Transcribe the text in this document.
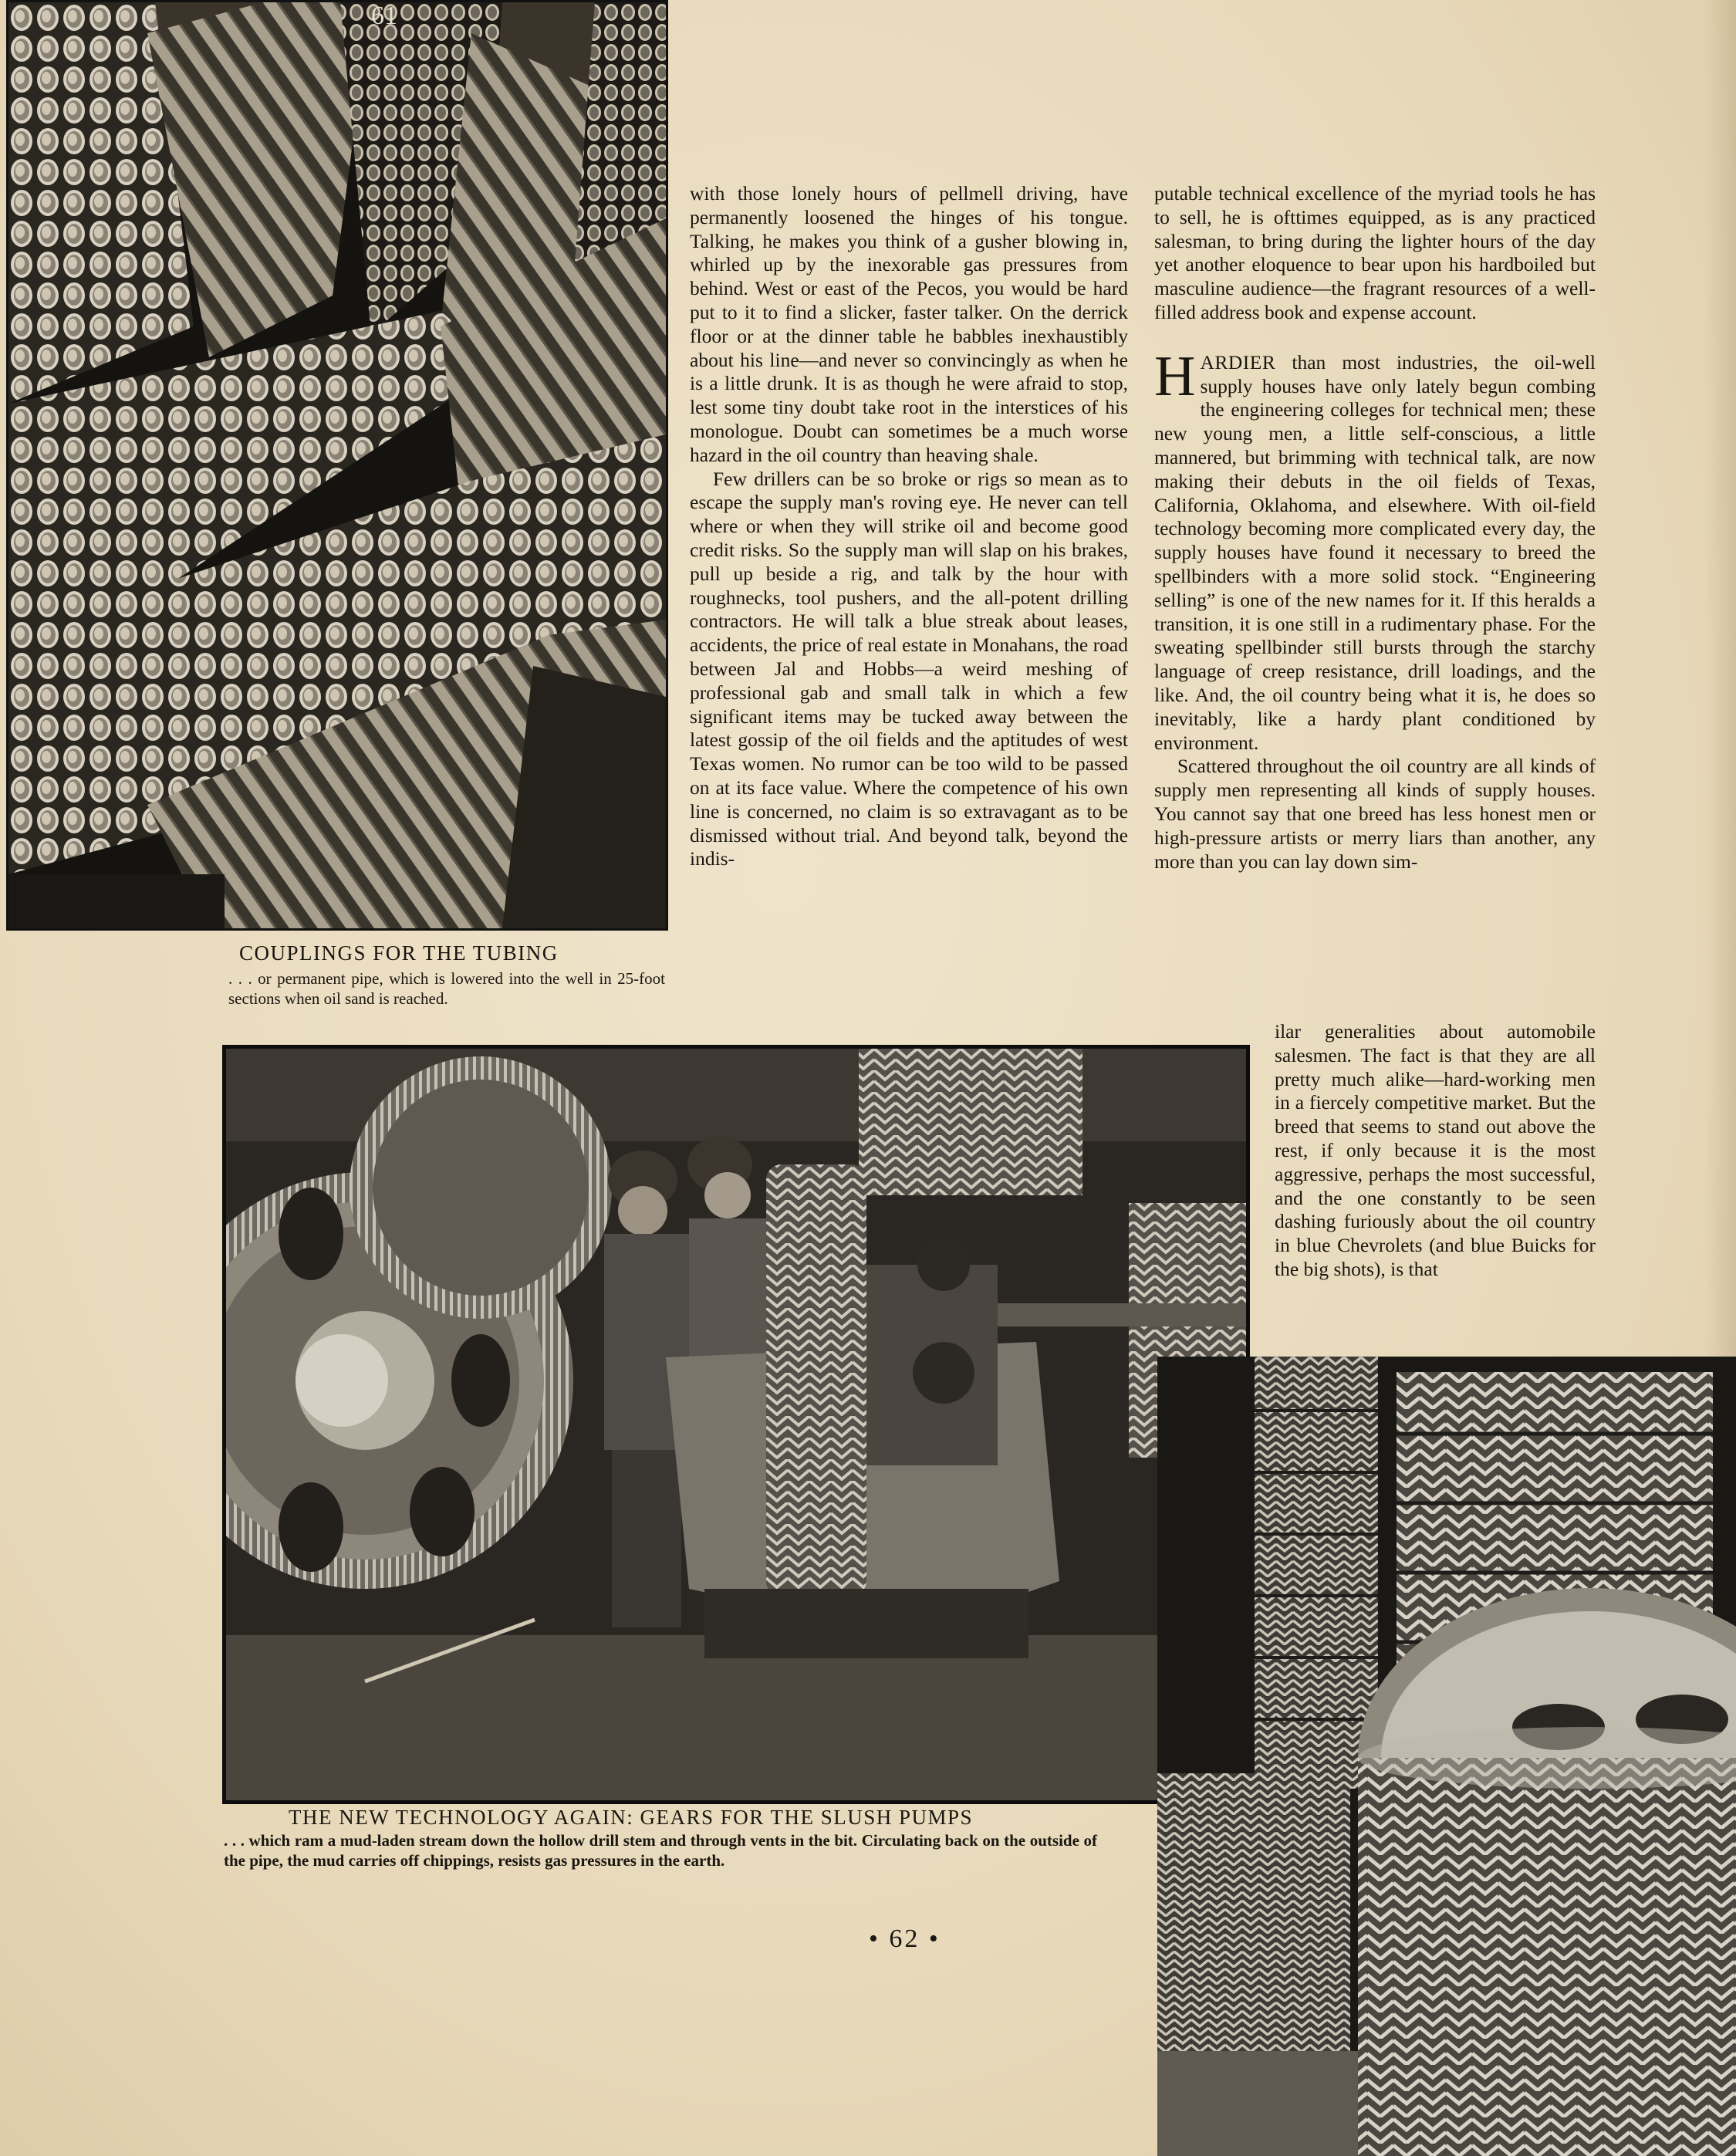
61
COUPLINGS FOR THE TUBING
. . . or permanent pipe, which is lowered into the well in 25-foot sections when oil sand is reached.

with those lonely hours of pellmell driving, have permanently loosened the hinges of his tongue. Talking, he makes you think of a gusher blowing in, whirled up by the inexorable gas pressures from behind. West or east of the Pecos, you would be hard put to it to find a slicker, faster talker. On the derrick floor or at the dinner table he babbles inexhaustibly about his line—and never so convincingly as when he is a little drunk. It is as though he were afraid to stop, lest some tiny doubt take root in the interstices of his monologue. Doubt can sometimes be a much worse hazard in the oil country than heaving shale.

Few drillers can be so broke or rigs so mean as to escape the supply man's roving eye. He never can tell where or when they will strike oil and become good credit risks. So the supply man will slap on his brakes, pull up beside a rig, and talk by the hour with roughnecks, tool pushers, and the all-potent drilling contractors. He will talk a blue streak about leases, accidents, the price of real estate in Monahans, the road between Jal and Hobbs—a weird meshing of professional gab and small talk in which a few significant items may be tucked away between the latest gossip of the oil fields and the aptitudes of west Texas women. No rumor can be too wild to be passed on at its face value. Where the competence of his own line is concerned, no claim is so extravagant as to be dismissed without trial. And beyond talk, beyond the indis-

putable technical excellence of the myriad tools he has to sell, he is ofttimes equipped, as is any practiced salesman, to bring during the lighter hours of the day yet another eloquence to bear upon his hardboiled but masculine audience—the fragrant resources of a well-filled address book and expense account.

HARDIER than most industries, the oil-well supply houses have only lately begun combing the engineering colleges for technical men; these new young men, a little self-conscious, a little mannered, but brimming with technical talk, are now making their debuts in the oil fields of Texas, California, Oklahoma, and elsewhere. With oil-field technology becoming more complicated every day, the supply houses have found it necessary to breed the spellbinders with a more solid stock. “Engineering selling” is one of the new names for it. If this heralds a transition, it is one still in a rudimentary phase. For the sweating spellbinder still bursts through the starchy language of creep resistance, drill loadings, and the like. And, the oil country being what it is, he does so inevitably, like a hardy plant conditioned by environment.

Scattered throughout the oil country are all kinds of supply men representing all kinds of supply houses. You cannot say that one breed has less honest men or high-pressure artists or merry liars than another, any more than you can lay down sim-

ilar generalities about automobile salesmen. The fact is that they are all pretty much alike—hard-working men in a fiercely competitive market. But the breed that seems to stand out above the rest, if only because it is the most aggressive, perhaps the most successful, and the one constantly to be seen dashing furiously about the oil country in blue Chevrolets (and blue Buicks for the big shots), is that

THE NEW TECHNOLOGY AGAIN: GEARS FOR THE SLUSH PUMPS
. . . which ram a mud-laden stream down the hollow drill stem and through vents in the bit. Circulating back on the outside of the pipe, the mud carries off chippings, resists gas pressures in the earth.
• 62 •
